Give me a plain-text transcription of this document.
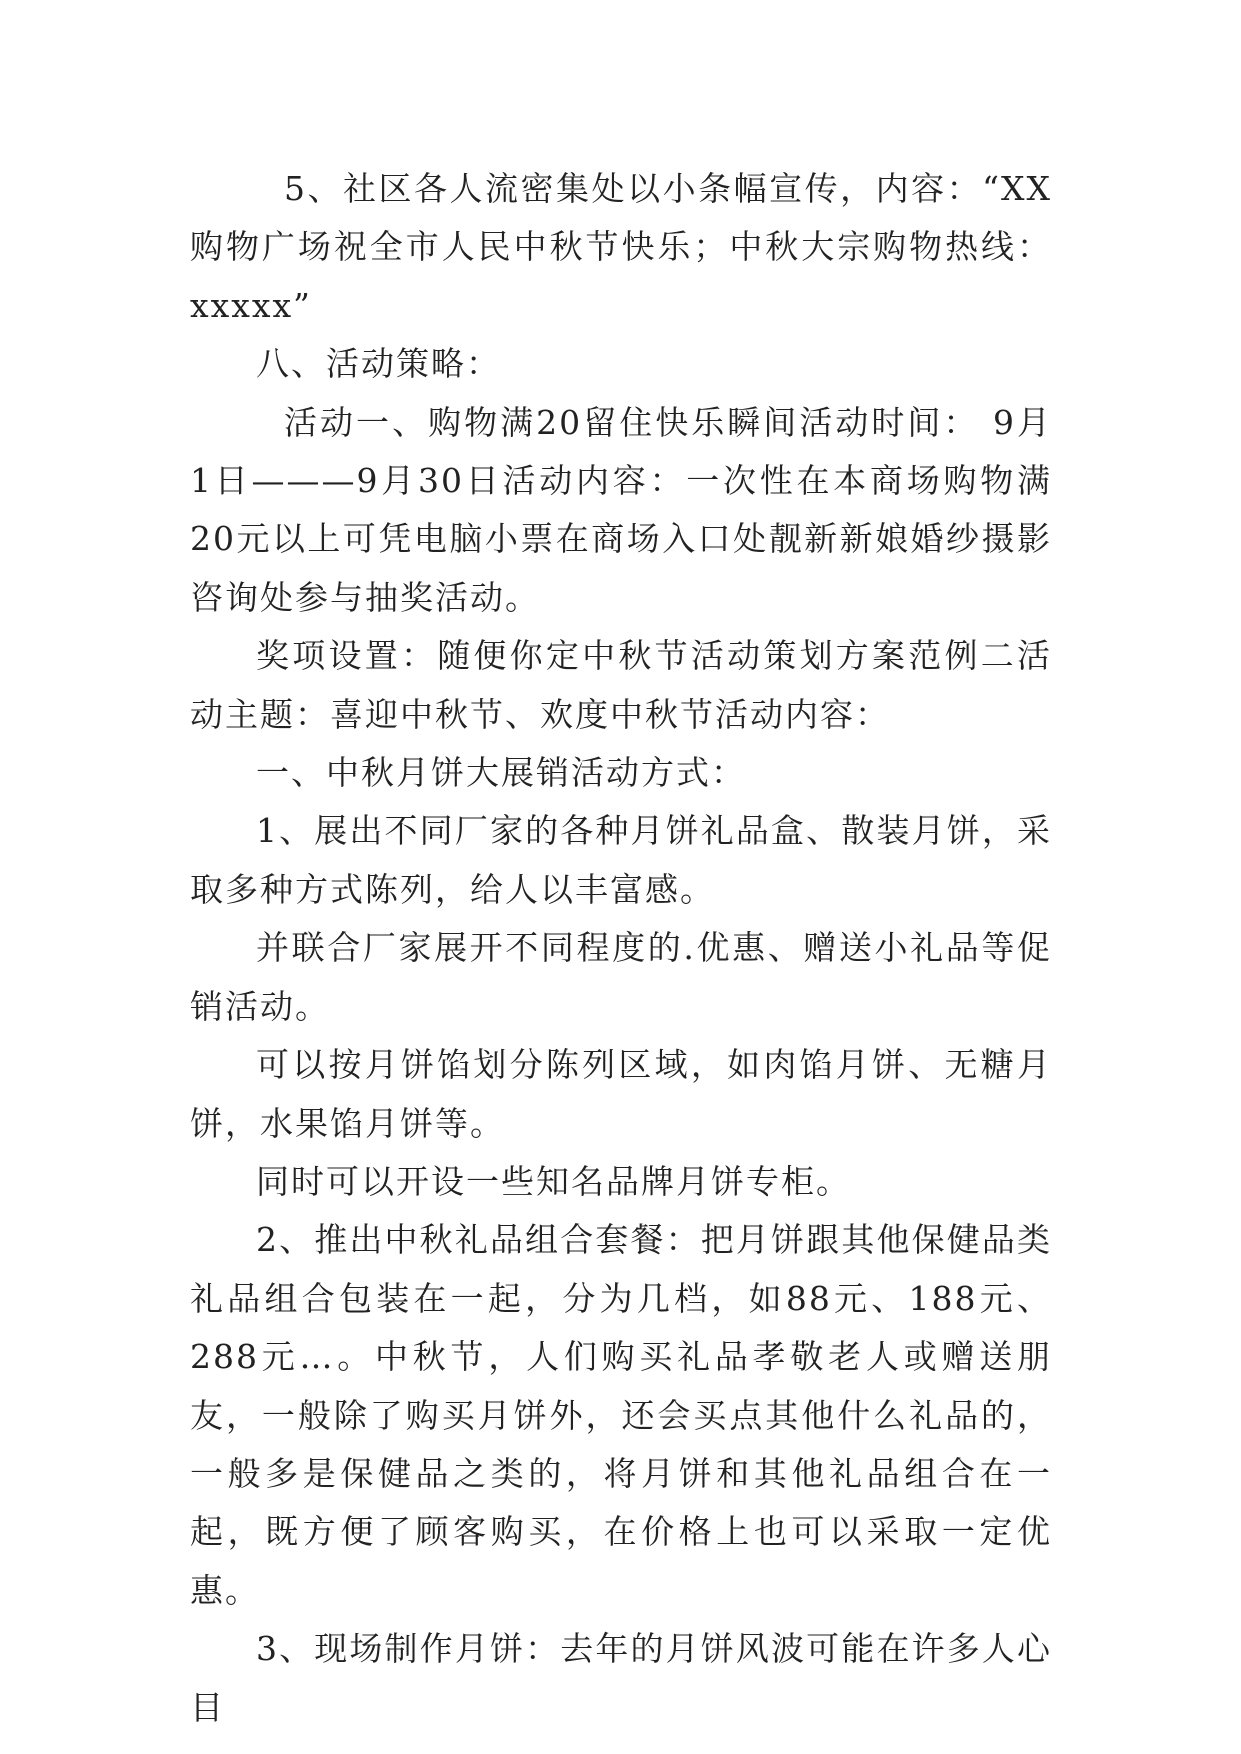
5、社区各人流密集处以小条幅宣传，内容：“XX购物广场祝全市人民中秋节快乐；中秋大宗购物热线：xxxxx”

八、活动策略：

活动一、购物满20留住快乐瞬间活动时间： 9月1日———9月30日活动内容：一次性在本商场购物满20元以上可凭电脑小票在商场入口处靓新新娘婚纱摄影咨询处参与抽奖活动。

奖项设置：随便你定中秋节活动策划方案范例二活动主题：喜迎中秋节、欢度中秋节活动内容：

一、中秋月饼大展销活动方式：

1、展出不同厂家的各种月饼礼品盒、散装月饼，采取多种方式陈列，给人以丰富感。

并联合厂家展开不同程度的.优惠、赠送小礼品等促销活动。

可以按月饼馅划分陈列区域，如肉馅月饼、无糖月饼，水果馅月饼等。

同时可以开设一些知名品牌月饼专柜。

2、推出中秋礼品组合套餐：把月饼跟其他保健品类礼品组合包装在一起，分为几档，如88元、188元、288元…。中秋节，人们购买礼品孝敬老人或赠送朋友，一般除了购买月饼外，还会买点其他什么礼品的，一般多是保健品之类的，将月饼和其他礼品组合在一起，既方便了顾客购买，在价格上也可以采取一定优惠。

3、现场制作月饼：去年的月饼风波可能在许多人心目
